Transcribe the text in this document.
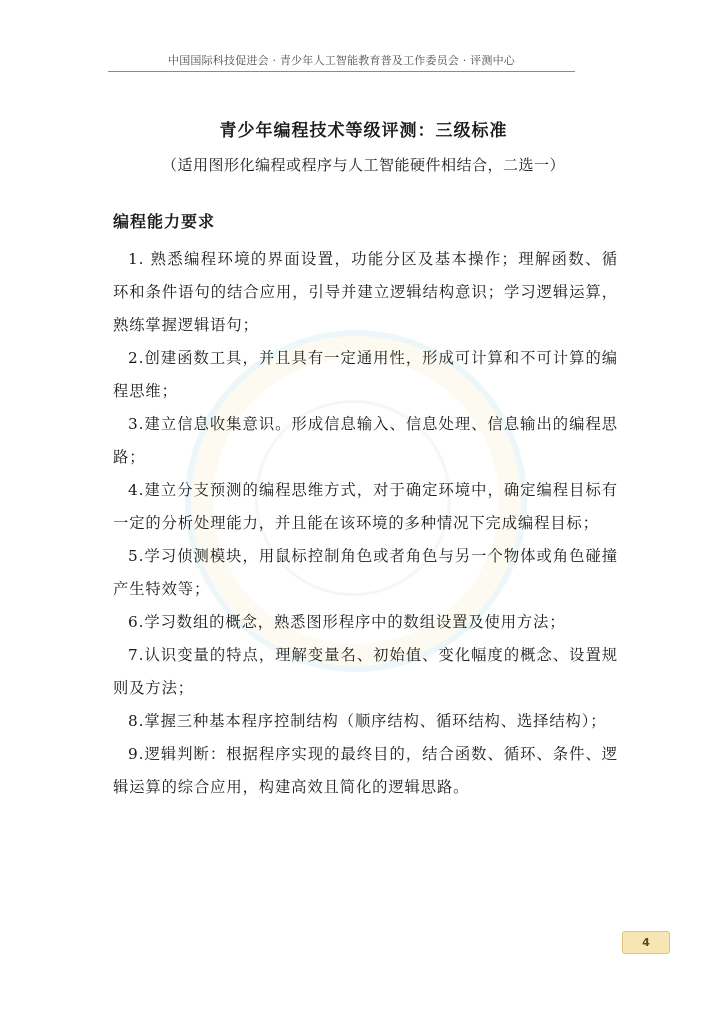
中国国际科技促进会 · 青少年人工智能教育普及工作委员会 · 评测中心
青少年编程技术等级评测：三级标准
（适用图形化编程或程序与人工智能硬件相结合，二选一）
编程能力要求

1. 熟悉编程环境的界面设置，功能分区及基本操作；理解函数、循环和条件语句的结合应用，引导并建立逻辑结构意识；学习逻辑运算，熟练掌握逻辑语句；

2.创建函数工具，并且具有一定通用性，形成可计算和不可计算的编程思维；

3.建立信息收集意识。形成信息输入、信息处理、信息输出的编程思路；

4.建立分支预测的编程思维方式，对于确定环境中，确定编程目标有一定的分析处理能力，并且能在该环境的多种情况下完成编程目标；

5.学习侦测模块，用鼠标控制角色或者角色与另一个物体或角色碰撞产生特效等；

6.学习数组的概念，熟悉图形程序中的数组设置及使用方法；

7.认识变量的特点，理解变量名、初始值、变化幅度的概念、设置规则及方法；

8.掌握三种基本程序控制结构（顺序结构、循环结构、选择结构）；

9.逻辑判断：根据程序实现的最终目的，结合函数、循环、条件、逻辑运算的综合应用，构建高效且简化的逻辑思路。

4
